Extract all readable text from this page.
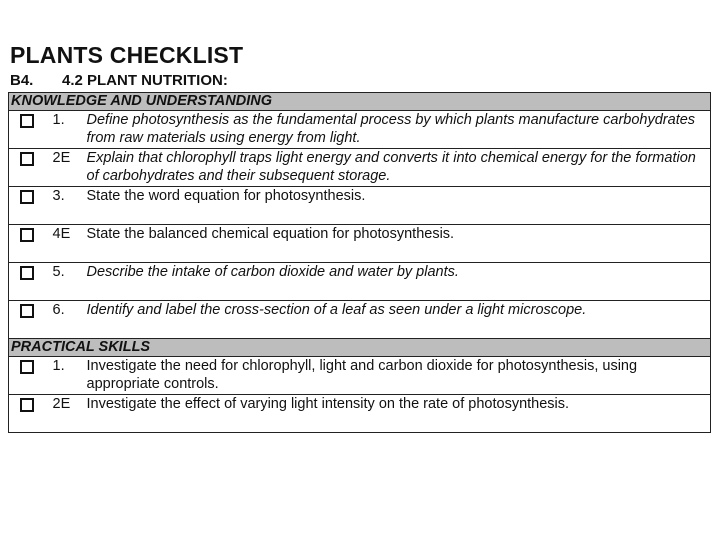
PLANTS CHECKLIST
B4. 4.2 PLANT NUTRITION:
KNOWLEDGE AND UNDERSTANDING		
	1.	Define photosynthesis as the fundamental process by which plants manufacture carbohydrates from raw materials using energy from light.
	2E	Explain that chlorophyll traps light energy and converts it into chemical energy for the formation of carbohydrates and their subsequent storage.
	3.	State the word equation for photosynthesis.
	4E	State the balanced chemical equation for photosynthesis.
	5.	Describe the intake of carbon dioxide and water by plants.
	6.	Identify and label the cross-section of a leaf as seen under a light microscope.
PRACTICAL SKILLS		
	1.	Investigate the need for chlorophyll, light and carbon dioxide for photosynthesis, using appropriate controls.
	2E	Investigate the effect of varying light intensity on the rate of photosynthesis.
